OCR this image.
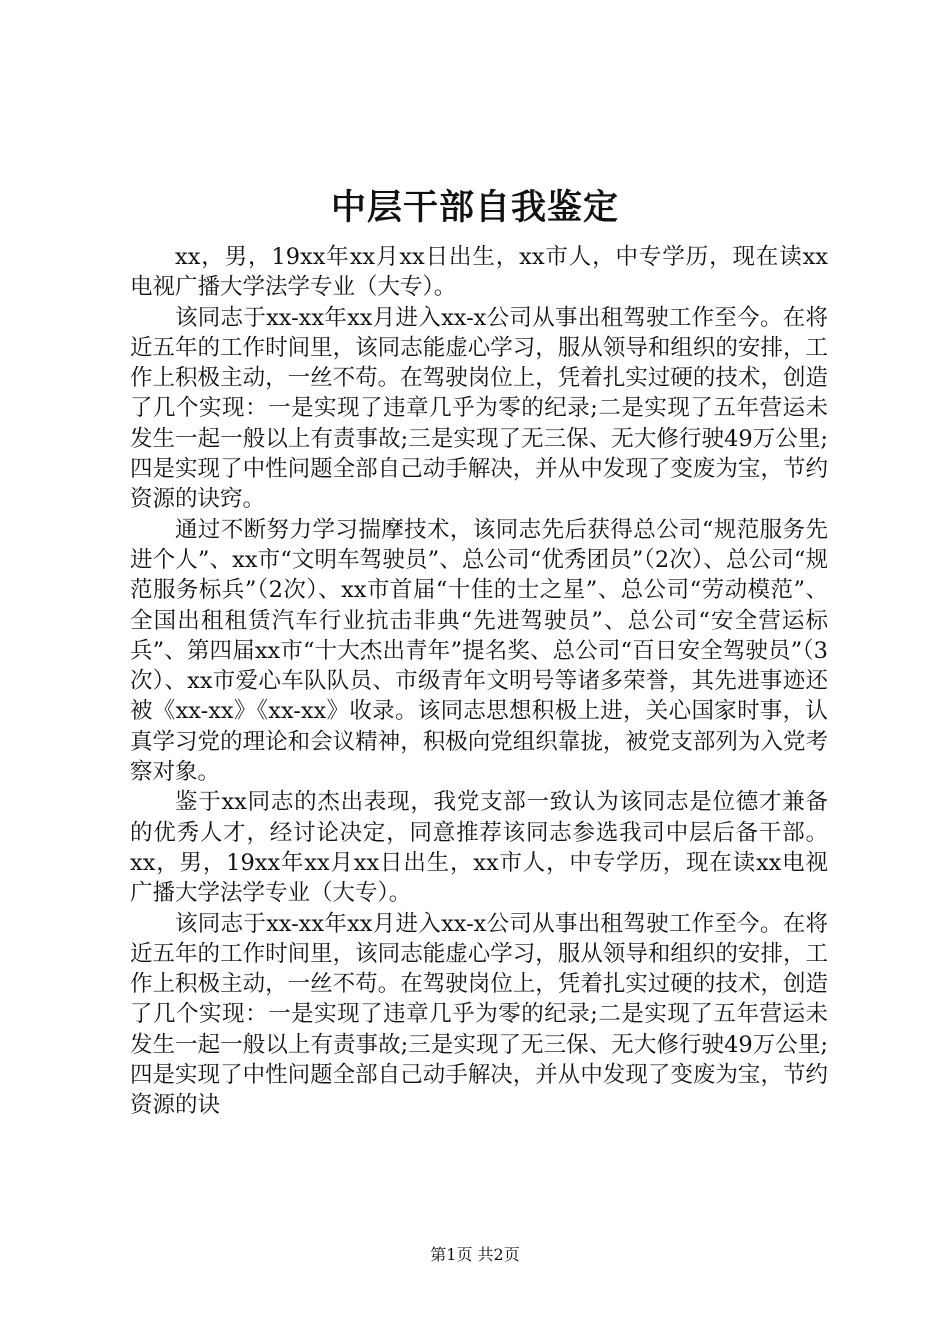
中层干部自我鉴定

xx，男，19xx年xx月xx日出生，xx市人，中专学历，现在读xx电视广播大学法学专业（大专）。

该同志于xx-xx年xx月进入xx-x公司从事出租驾驶工作至今。在将近五年的工作时间里，该同志能虚心学习，服从领导和组织的安排，工作上积极主动，一丝不苟。在驾驶岗位上，凭着扎实过硬的技术，创造了几个实现：一是实现了违章几乎为零的纪录;二是实现了五年营运未发生一起一般以上有责事故;三是实现了无三保、无大修行驶49万公里;四是实现了中性问题全部自己动手解决，并从中发现了变废为宝，节约资源的诀窍。

通过不断努力学习揣摩技术，该同志先后获得总公司“规范服务先进个人”、xx市“文明车驾驶员”、总公司“优秀团员”（2次）、总公司“规范服务标兵”（2次）、xx市首届“十佳的士之星”、总公司“劳动模范”、全国出租租赁汽车行业抗击非典“先进驾驶员”、总公司“安全营运标兵”、第四届xx市“十大杰出青年”提名奖、总公司“百日安全驾驶员”（3次）、xx市爱心车队队员、市级青年文明号等诸多荣誉，其先进事迹还被《xx-xx》《xx-xx》收录。该同志思想积极上进，关心国家时事，认真学习党的理论和会议精神，积极向党组织靠拢，被党支部列为入党考察对象。

鉴于xx同志的杰出表现，我党支部一致认为该同志是位德才兼备的优秀人才，经讨论决定，同意推荐该同志参选我司中层后备干部。xx，男，19xx年xx月xx日出生，xx市人，中专学历，现在读xx电视广播大学法学专业（大专）。

该同志于xx-xx年xx月进入xx-x公司从事出租驾驶工作至今。在将近五年的工作时间里，该同志能虚心学习，服从领导和组织的安排，工作上积极主动，一丝不苟。在驾驶岗位上，凭着扎实过硬的技术，创造了几个实现：一是实现了违章几乎为零的纪录;二是实现了五年营运未发生一起一般以上有责事故;三是实现了无三保、无大修行驶49万公里;四是实现了中性问题全部自己动手解决，并从中发现了变废为宝，节约资源的诀

第1页 共2页
